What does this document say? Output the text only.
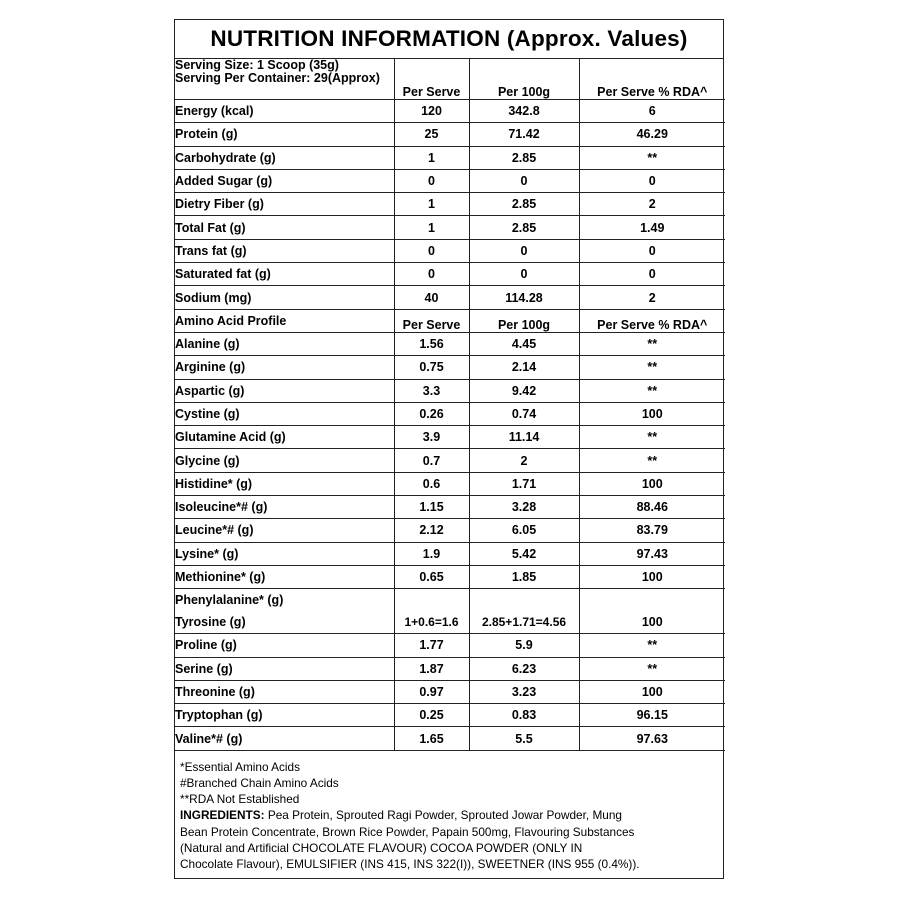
NUTRITION INFORMATION (Approx. Values)
Serving Size: 1 Scoop (35g)
Serving Per Container: 29(Approx)	Per Serve	Per 100g	Per Serve % RDA^
Energy (kcal)	120	342.8	6
Protein (g)	25	71.42	46.29
Carbohydrate (g)	1	2.85	**
Added Sugar (g)	0	0	0
Dietry Fiber (g)	1	2.85	2
Total Fat (g)	1	2.85	1.49
Trans fat (g)	0	0	0
Saturated fat (g)	0	0	0
Sodium (mg)	40	114.28	2
Amino Acid Profile	Per Serve	Per 100g	Per Serve % RDA^
Alanine (g)	1.56	4.45	**
Arginine (g)	0.75	2.14	**
Aspartic (g)	3.3	9.42	**
Cystine (g)	0.26	0.74	100
Glutamine Acid (g)	3.9	11.14	**
Glycine (g)	0.7	2	**
Histidine* (g)	0.6	1.71	100
Isoleucine*# (g)	1.15	3.28	88.46
Leucine*# (g)	2.12	6.05	83.79
Lysine* (g)	1.9	5.42	97.43
Methionine* (g)	0.65	1.85	100
Phenylalanine* (g)			
Tyrosine (g)	1+0.6=1.6	2.85+1.71=4.56	100
Proline (g)	1.77	5.9	**
Serine (g)	1.87	6.23	**
Threonine (g)	0.97	3.23	100
Tryptophan (g)	0.25	0.83	96.15
Valine*# (g)	1.65	5.5	97.63
*Essential Amino Acids
#Branched Chain Amino Acids
**RDA Not Established
INGREDIENTS: Pea Protein, Sprouted Ragi Powder, Sprouted Jowar Powder, Mung
Bean Protein Concentrate, Brown Rice Powder, Papain 500mg, Flavouring Substances
(Natural and Artificial CHOCOLATE FLAVOUR) COCOA POWDER (ONLY IN
Chocolate Flavour), EMULSIFIER (INS 415, INS 322(I)), SWEETNER (INS 955 (0.4%)).
